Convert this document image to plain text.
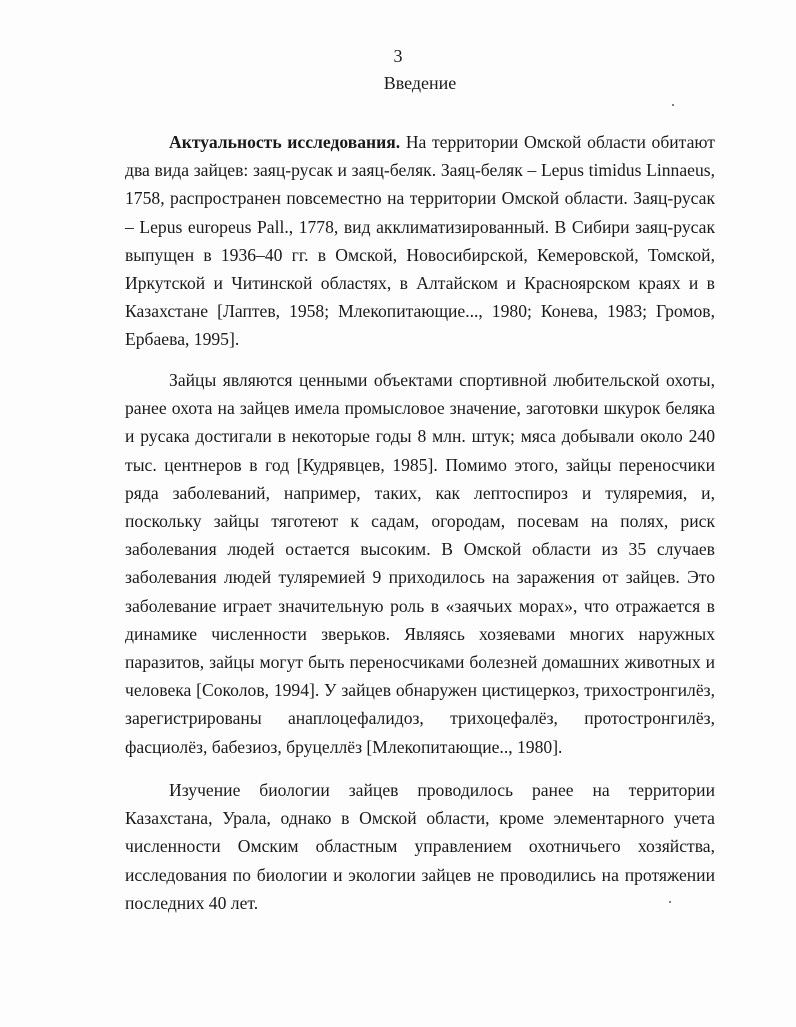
3
Введение

Актуальность исследования. На территории Омской области обитают два вида зайцев: заяц-русак и заяц-беляк. Заяц-беляк – Lepus timidus Linnaeus, 1758, распространен повсеместно на территории Омской области. Заяц-русак – Lepus europeus Pall., 1778, вид акклиматизированный. В Сибири заяц-русак выпущен в 1936–40 гг. в Омской, Новосибирской, Кемеровской, Томской, Иркутской и Читинской областях, в Алтайском и Красноярском краях и в Казахстане [Лаптев, 1958; Млекопитающие..., 1980; Конева, 1983; Громов, Ербаева, 1995].

Зайцы являются ценными объектами спортивной любительской охоты, ранее охота на зайцев имела промысловое значение, заготовки шкурок беляка и русака достигали в некоторые годы 8 млн. штук; мяса добывали около 240 тыс. центнеров в год [Кудрявцев, 1985]. Помимо этого, зайцы переносчики ряда заболеваний, например, таких, как лептоспироз и туляремия, и, поскольку зайцы тяготеют к садам, огородам, посевам на полях, риск заболевания людей остается высоким. В Омской области из 35 случаев заболевания людей туляремией 9 приходилось на заражения от зайцев. Это заболевание играет значительную роль в «заячьих морах», что отражается в динамике численности зверьков. Являясь хозяевами многих наружных паразитов, зайцы могут быть переносчиками болезней домашних животных и человека [Соколов, 1994]. У зайцев обнаружен цистицеркоз, трихостронгилёз, зарегистрированы анаплоцефалидоз, трихоцефалёз, протостронгилёз, фасциолёз, бабезиоз, бруцеллёз [Млекопитающие.., 1980].

Изучение биологии зайцев проводилось ранее на территории Казахстана, Урала, однако в Омской области, кроме элементарного учета численности Омским областным управлением охотничьего хозяйства, исследования по биологии и экологии зайцев не проводились на протяжении последних 40 лет.
